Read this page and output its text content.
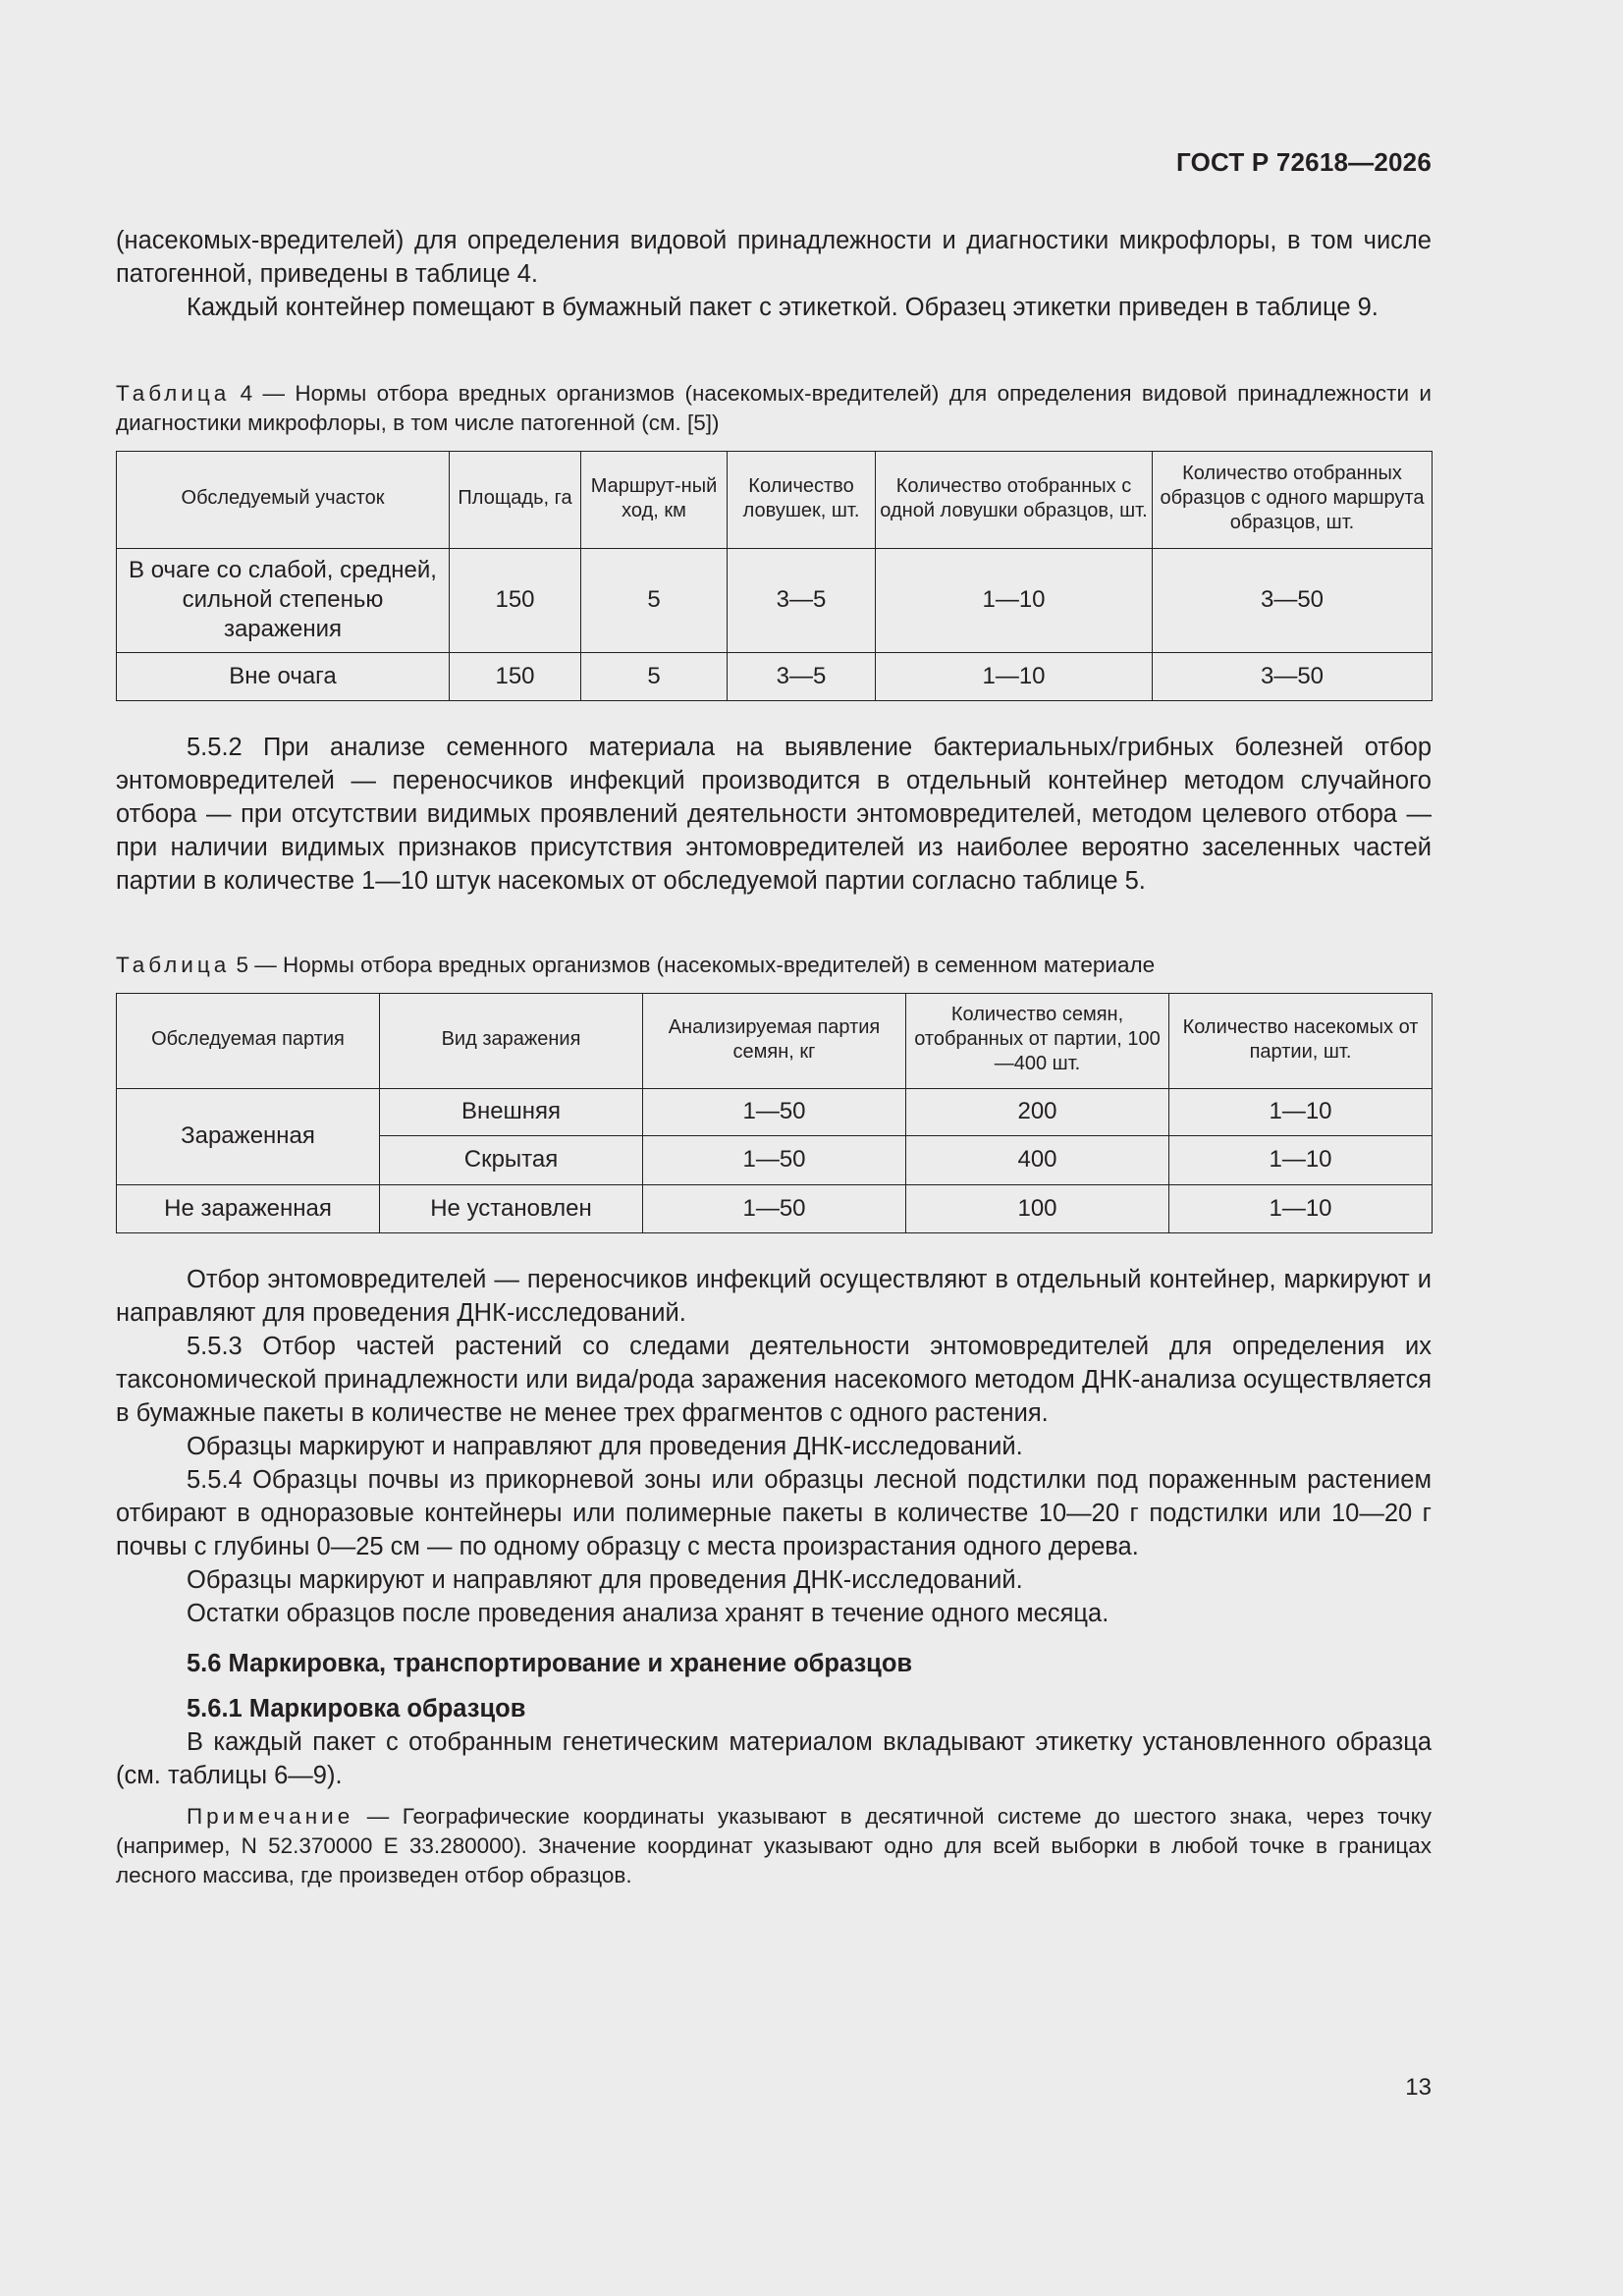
ГОСТ Р 72618—2026

(насекомых-вредителей) для определения видовой принадлежности и диагностики микрофлоры, в том числе патогенной, приведены в таблице 4.

Каждый контейнер помещают в бумажный пакет с этикеткой. Образец этикетки приведен в таблице 9.

Таблица 4 — Нормы отбора вредных организмов (насекомых-вредителей) для определения видовой принадлежности и диагностики микрофлоры, в том числе патогенной (см. [5])
Обследуемый участок	Площадь, га	Маршрут-ный ход, км	Количество ловушек, шт.	Количество отобранных с одной ловушки образцов, шт.	Количество отобранных образцов с одного маршрута образцов, шт.

В очаге со слабой, средней, сильной степенью заражения	150	5	3—5	1—10	3—50
Вне очага	150	5	3—5	1—10	3—50

5.5.2 При анализе семенного материала на выявление бактериальных/грибных болезней отбор энтомовредителей — переносчиков инфекций производится в отдельный контейнер методом случайного отбора — при отсутствии видимых проявлений деятельности энтомовредителей, методом целевого отбора — при наличии видимых признаков присутствия энтомовредителей из наиболее вероятно заселенных частей партии в количестве 1—10 штук насекомых от обследуемой партии согласно таблице 5.

Таблица 5 — Нормы отбора вредных организмов (насекомых-вредителей) в семенном материале
Обследуемая партия	Вид заражения	Анализируемая партия семян, кг	Количество семян, отобранных от партии, 100—400 шт.	Количество насекомых от партии, шт.

Зараженная	Внешняя	1—50	200	1—10
	Скрытая	1—50	400	1—10
Не зараженная	Не установлен	1—50	100	1—10

Отбор энтомовредителей — переносчиков инфекций осуществляют в отдельный контейнер, маркируют и направляют для проведения ДНК-исследований.

5.5.3 Отбор частей растений со следами деятельности энтомовредителей для определения их таксономической принадлежности или вида/рода заражения насекомого методом ДНК-анализа осуществляется в бумажные пакеты в количестве не менее трех фрагментов с одного растения.

Образцы маркируют и направляют для проведения ДНК-исследований.

5.5.4 Образцы почвы из прикорневой зоны или образцы лесной подстилки под пораженным растением отбирают в одноразовые контейнеры или полимерные пакеты в количестве 10—20 г подстилки или 10—20 г почвы с глубины 0—25 см — по одному образцу с места произрастания одного дерева.

Образцы маркируют и направляют для проведения ДНК-исследований.

Остатки образцов после проведения анализа хранят в течение одного месяца.

5.6 Маркировка, транспортирование и хранение образцов
5.6.1 Маркировка образцов

В каждый пакет с отобранным генетическим материалом вкладывают этикетку установленного образца (см. таблицы 6—9).

Примечание — Географические координаты указывают в десятичной системе до шестого знака, через точку (например, N 52.370000 E 33.280000). Значение координат указывают одно для всей выборки в любой точке в границах лесного массива, где произведен отбор образцов.
13
